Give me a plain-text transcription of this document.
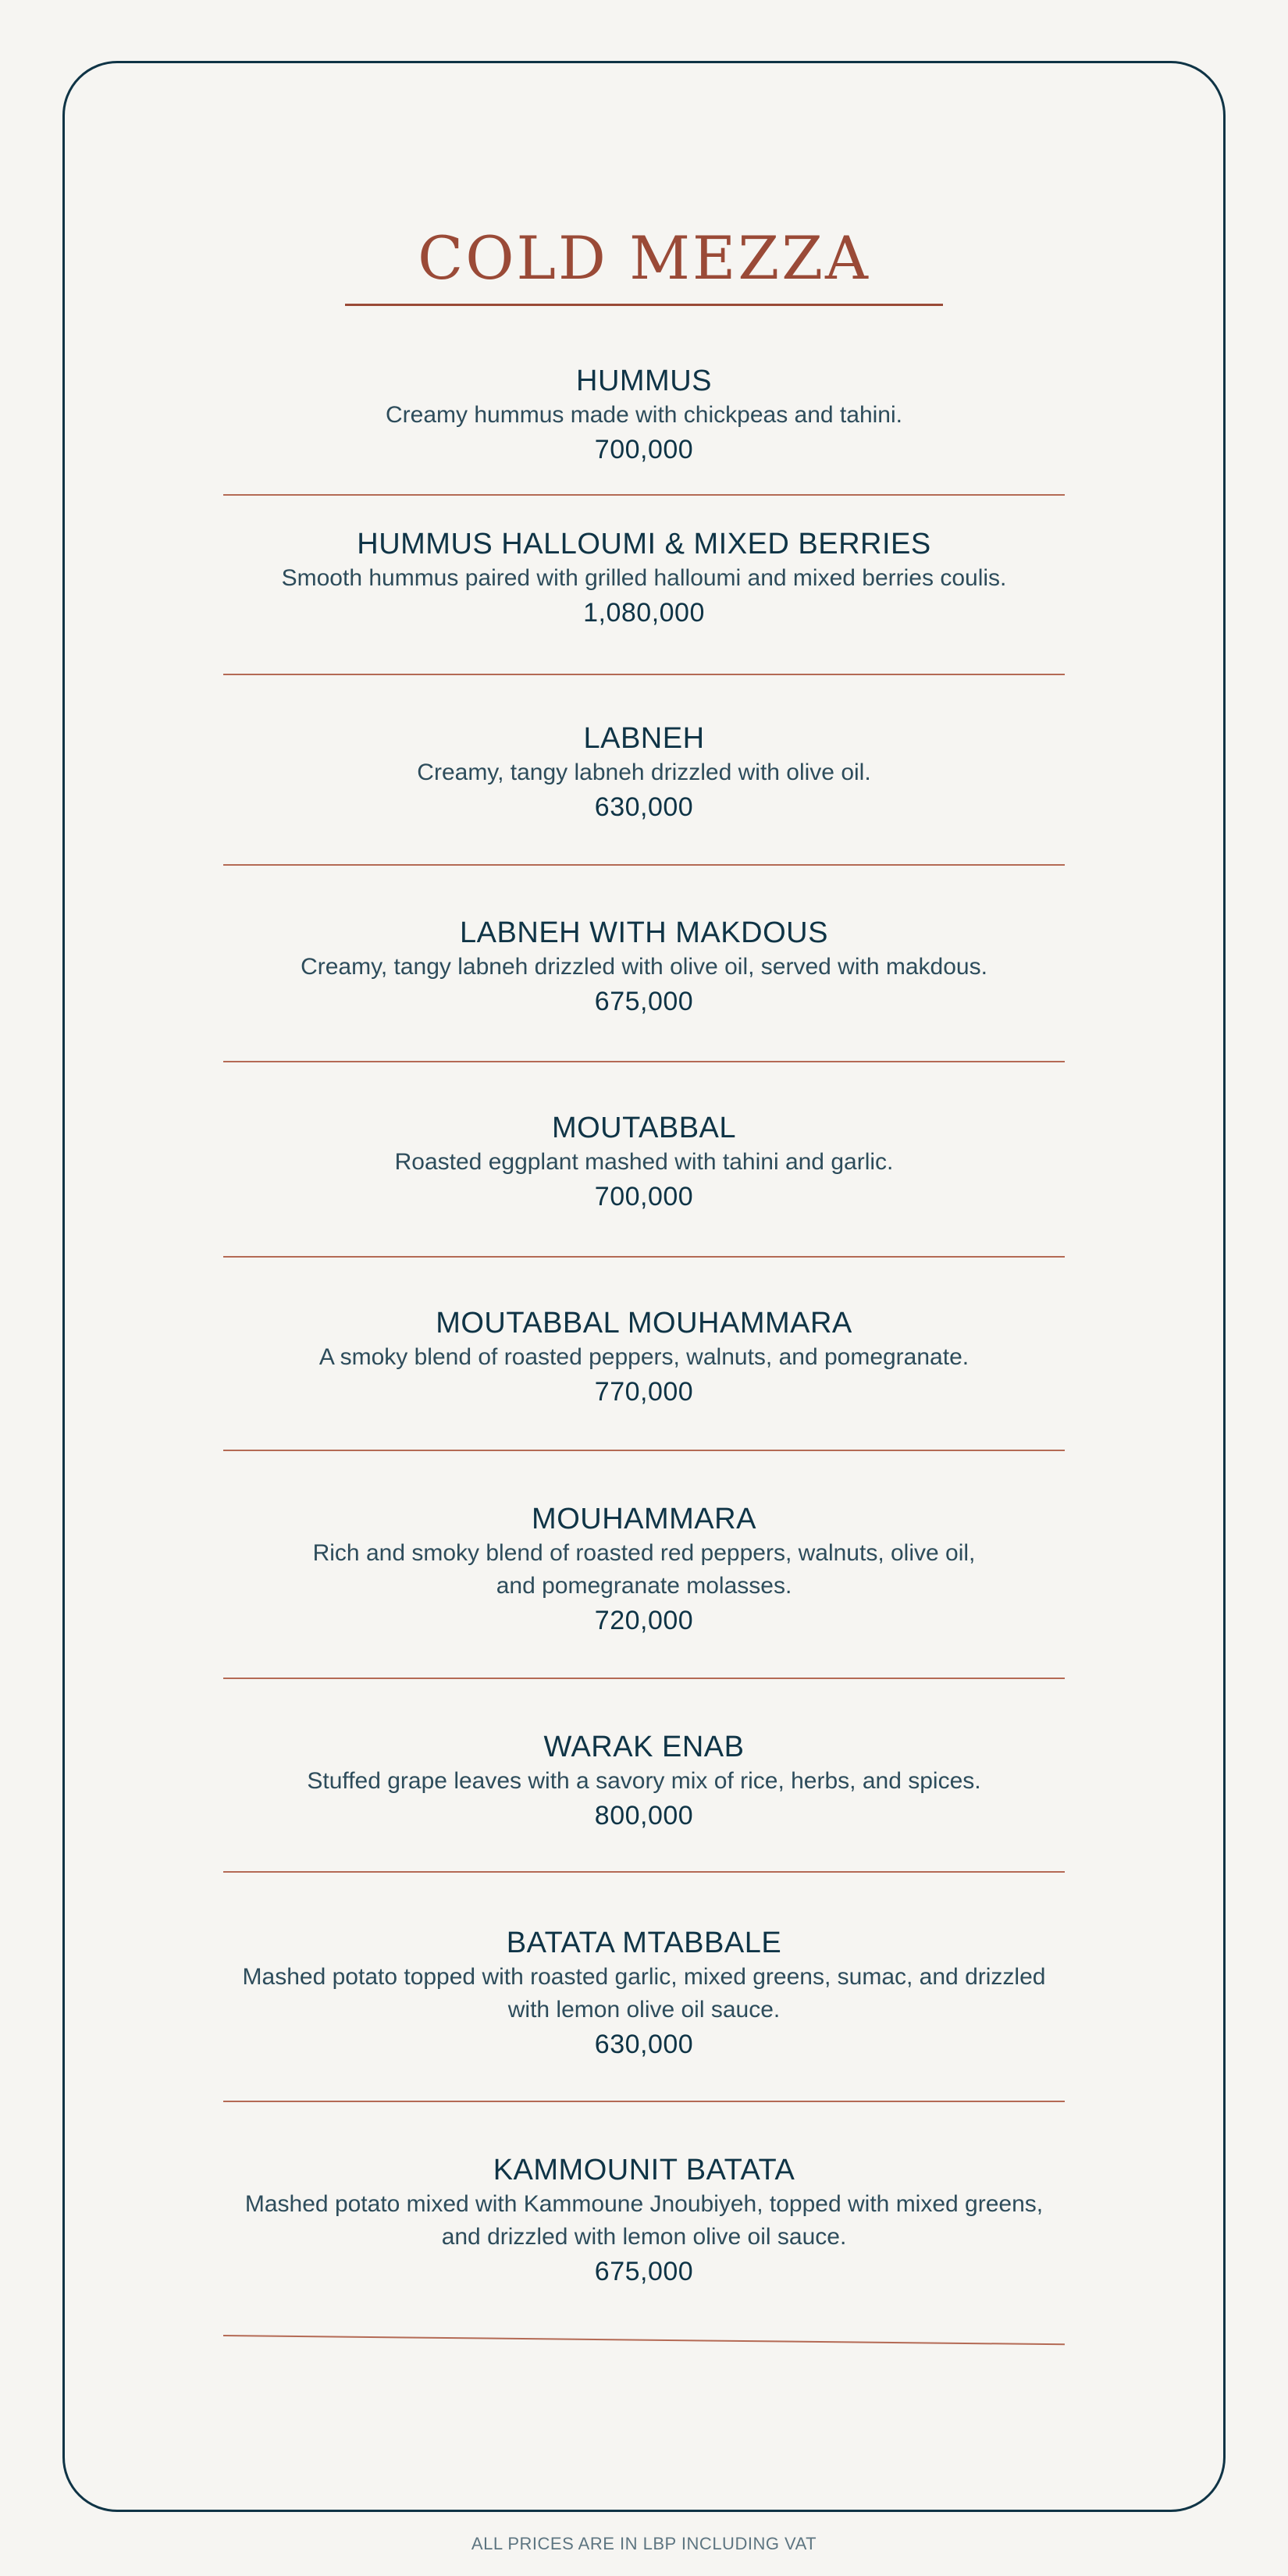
COLD MEZZA
HUMMUS

Creamy hummus made with chickpeas and tahini.

700,000

HUMMUS HALLOUMI & MIXED BERRIES

Smooth hummus paired with grilled halloumi and mixed berries coulis.

1,080,000

LABNEH

Creamy, tangy labneh drizzled with olive oil.

630,000

LABNEH WITH MAKDOUS

Creamy, tangy labneh drizzled with olive oil, served with makdous.

675,000

MOUTABBAL

Roasted eggplant mashed with tahini and garlic.

700,000

MOUTABBAL MOUHAMMARA

A smoky blend of roasted peppers, walnuts, and pomegranate.

770,000

MOUHAMMARA

Rich and smoky blend of roasted red peppers, walnuts, olive oil, and pomegranate molasses.

720,000

WARAK ENAB

Stuffed grape leaves with a savory mix of rice, herbs, and spices.

800,000

BATATA MTABBALE

Mashed potato topped with roasted garlic, mixed greens, sumac, and drizzled with lemon olive oil sauce.

630,000

KAMMOUNIT BATATA

Mashed potato mixed with Kammoune Jnoubiyeh, topped with mixed greens, and drizzled with lemon olive oil sauce.

675,000

ALL PRICES ARE IN LBP INCLUDING VAT
